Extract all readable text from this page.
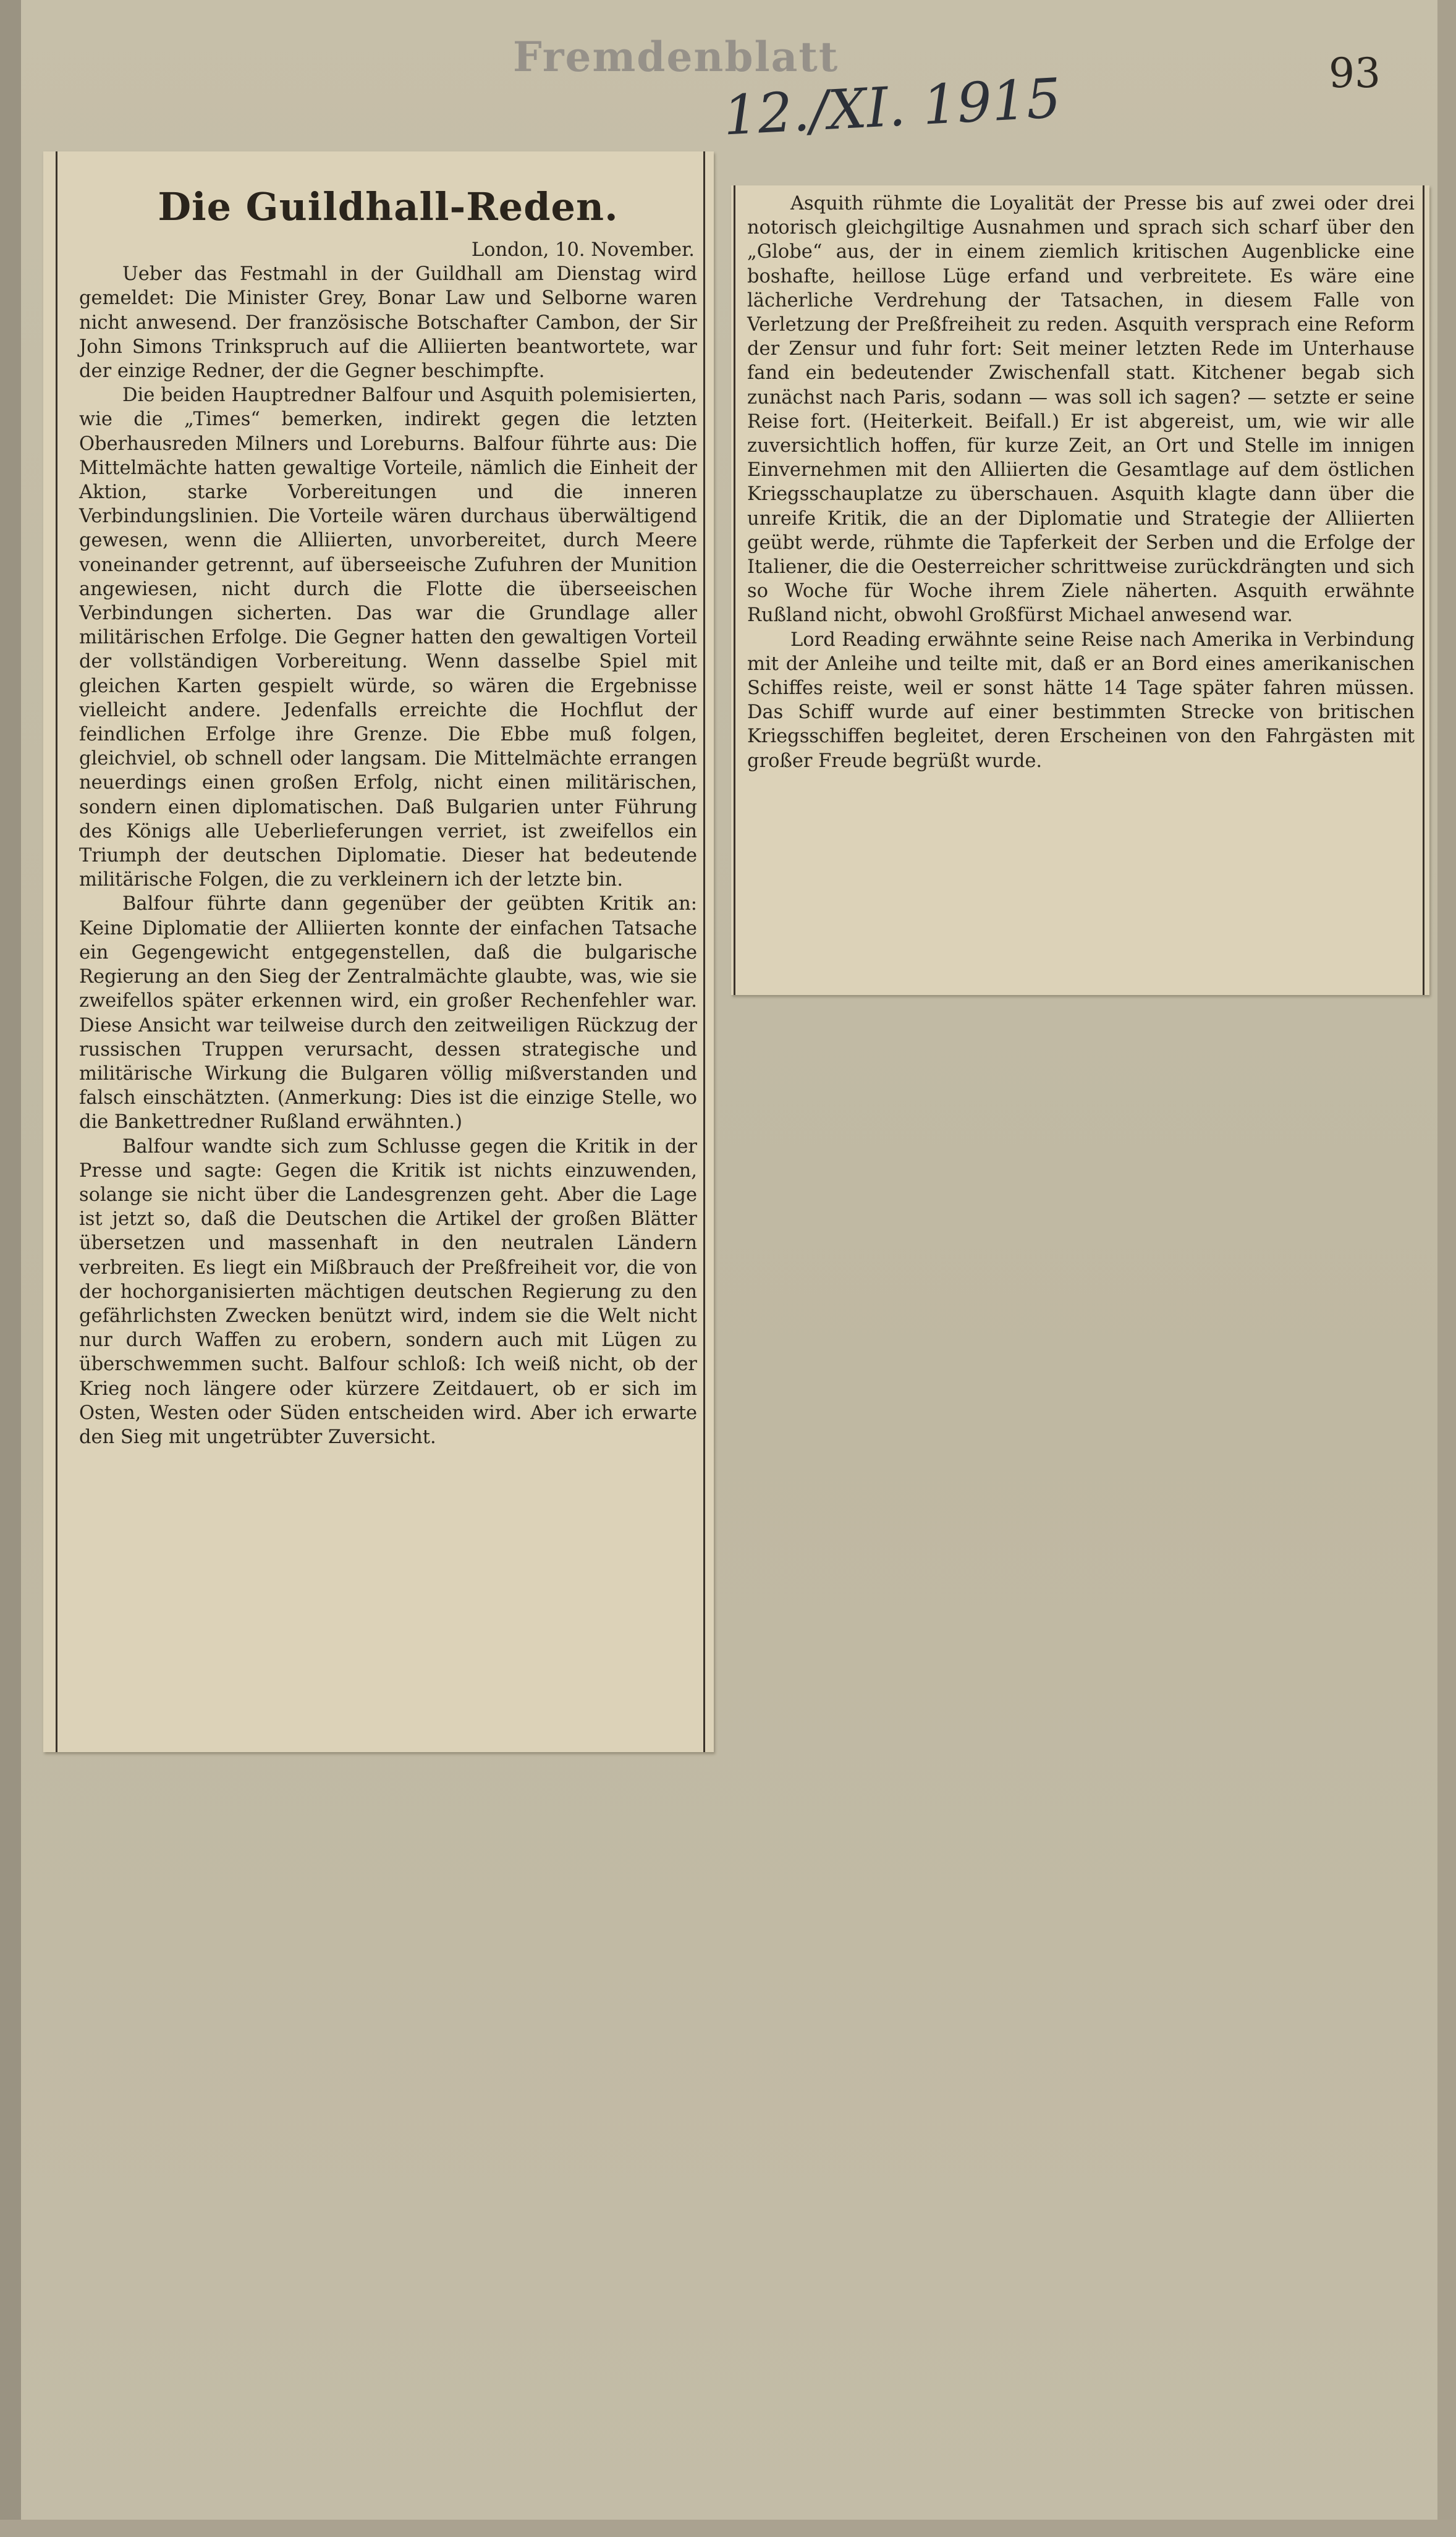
Fremdenblatt
12./XI. 1915	93
Die Guildhall-Reden.
London, 10. November.

Ueber das Festmahl in der Guildhall am Dienstag wird gemeldet: Die Minister Grey, Bonar Law und Selborne waren nicht anwesend. Der französische Botschafter Cambon, der Sir John Simons Trinkspruch auf die Alliierten beantwortete, war der einzige Redner, der die Gegner beschimpfte.

Die beiden Hauptredner Balfour und Asquith polemisierten, wie die „Times“ bemerken, indirekt gegen die letzten Oberhausreden Milners und Loreburns. Balfour führte aus: Die Mittelmächte hatten gewaltige Vorteile, nämlich die Einheit der Aktion, starke Vorbereitungen und die inneren Verbindungslinien. Die Vorteile wären durchaus überwältigend gewesen, wenn die Alliierten, unvorbereitet, durch Meere voneinander getrennt, auf überseeische Zufuhren der Munition angewiesen, nicht durch die Flotte die überseeischen Verbindungen sicherten. Das war die Grundlage aller militärischen Erfolge. Die Gegner hatten den gewaltigen Vorteil der vollständigen Vorbereitung. Wenn dasselbe Spiel mit gleichen Karten gespielt würde, so wären die Ergebnisse vielleicht andere. Jedenfalls erreichte die Hochflut der feindlichen Erfolge ihre Grenze. Die Ebbe muß folgen, gleichviel, ob schnell oder langsam. Die Mittelmächte errangen neuerdings einen großen Erfolg, nicht einen militärischen, sondern einen diplomatischen. Daß Bulgarien unter Führung des Königs alle Ueberlieferungen verriet, ist zweifellos ein Triumph der deutschen Diplomatie. Dieser hat bedeutende militärische Folgen, die zu verkleinern ich der letzte bin.

Balfour führte dann gegenüber der geübten Kritik an: Keine Diplomatie der Alliierten konnte der einfachen Tatsache ein Gegengewicht entgegenstellen, daß die bulgarische Regierung an den Sieg der Zentralmächte glaubte, was, wie sie zweifellos später erkennen wird, ein großer Rechenfehler war. Diese Ansicht war teilweise durch den zeitweiligen Rückzug der russischen Truppen verursacht, dessen strategische und militärische Wirkung die Bulgaren völlig mißverstanden und falsch einschätzten. (Anmerkung: Dies ist die einzige Stelle, wo die Bankettredner Rußland erwähnten.)

Balfour wandte sich zum Schlusse gegen die Kritik in der Presse und sagte: Gegen die Kritik ist nichts einzuwenden, solange sie nicht über die Landesgrenzen geht. Aber die Lage ist jetzt so, daß die Deutschen die Artikel der großen Blätter übersetzen und massenhaft in den neutralen Ländern verbreiten. Es liegt ein Mißbrauch der Preßfreiheit vor, die von der hochorganisierten mächtigen deutschen Regierung zu den gefährlichsten Zwecken benützt wird, indem sie die Welt nicht nur durch Waffen zu erobern, sondern auch mit Lügen zu überschwemmen sucht. Balfour schloß: Ich weiß nicht, ob der Krieg noch längere oder kürzere Zeitdauert, ob er sich im Osten, Westen oder Süden entscheiden wird. Aber ich erwarte den Sieg mit ungetrübter Zuversicht.

Asquith rühmte die Loyalität der Presse bis auf zwei oder drei notorisch gleichgiltige Ausnahmen und sprach sich scharf über den „Globe“ aus, der in einem ziemlich kritischen Augenblicke eine boshafte, heillose Lüge erfand und verbreitete. Es wäre eine lächerliche Verdrehung der Tatsachen, in diesem Falle von Verletzung der Preßfreiheit zu reden. Asquith versprach eine Reform der Zensur und fuhr fort: Seit meiner letzten Rede im Unterhause fand ein bedeutender Zwischenfall statt. Kitchener begab sich zunächst nach Paris, sodann — was soll ich sagen? — setzte er seine Reise fort. (Heiterkeit. Beifall.) Er ist abgereist, um, wie wir alle zuversichtlich hoffen, für kurze Zeit, an Ort und Stelle im innigen Einvernehmen mit den Alliierten die Gesamtlage auf dem östlichen Kriegsschauplatze zu überschauen. Asquith klagte dann über die unreife Kritik, die an der Diplomatie und Strategie der Alliierten geübt werde, rühmte die Tapferkeit der Serben und die Erfolge der Italiener, die die Oesterreicher schrittweise zurückdrängten und sich so Woche für Woche ihrem Ziele näherten. Asquith erwähnte Rußland nicht, obwohl Großfürst Michael anwesend war.

Lord Reading erwähnte seine Reise nach Amerika in Verbindung mit der Anleihe und teilte mit, daß er an Bord eines amerikanischen Schiffes reiste, weil er sonst hätte 14 Tage später fahren müssen. Das Schiff wurde auf einer bestimmten Strecke von britischen Kriegsschiffen begleitet, deren Erscheinen von den Fahrgästen mit großer Freude begrüßt wurde.
